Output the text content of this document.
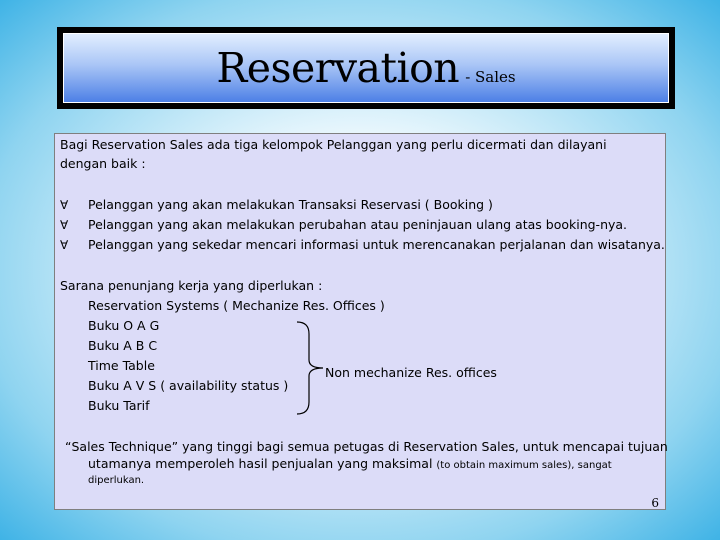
Reservation - Sales
Bagi Reservation Sales ada tiga kelompok Pelanggan yang perlu dicermati dan dilayani
dengan baik :
∀ Pelanggan yang akan melakukan Transaksi Reservasi ( Booking )
∀ Pelanggan yang akan melakukan perubahan atau peninjauan ulang atas booking-nya.
∀ Pelanggan yang sekedar mencari informasi untuk merencanakan perjalanan dan wisatanya.
Sarana penunjang kerja yang diperlukan :
Reservation Systems ( Mechanize Res. Offices )
Buku O A G
Buku A B C
Time Table
Buku A V S ( availability status )
Buku Tarif
Non mechanize Res. offices
“Sales Technique” yang tinggi bagi semua petugas di Reservation Sales, untuk mencapai tujuan
utamanya memperoleh hasil penjualan yang maksimal (to obtain maximum sales), sangat
diperlukan.
6
